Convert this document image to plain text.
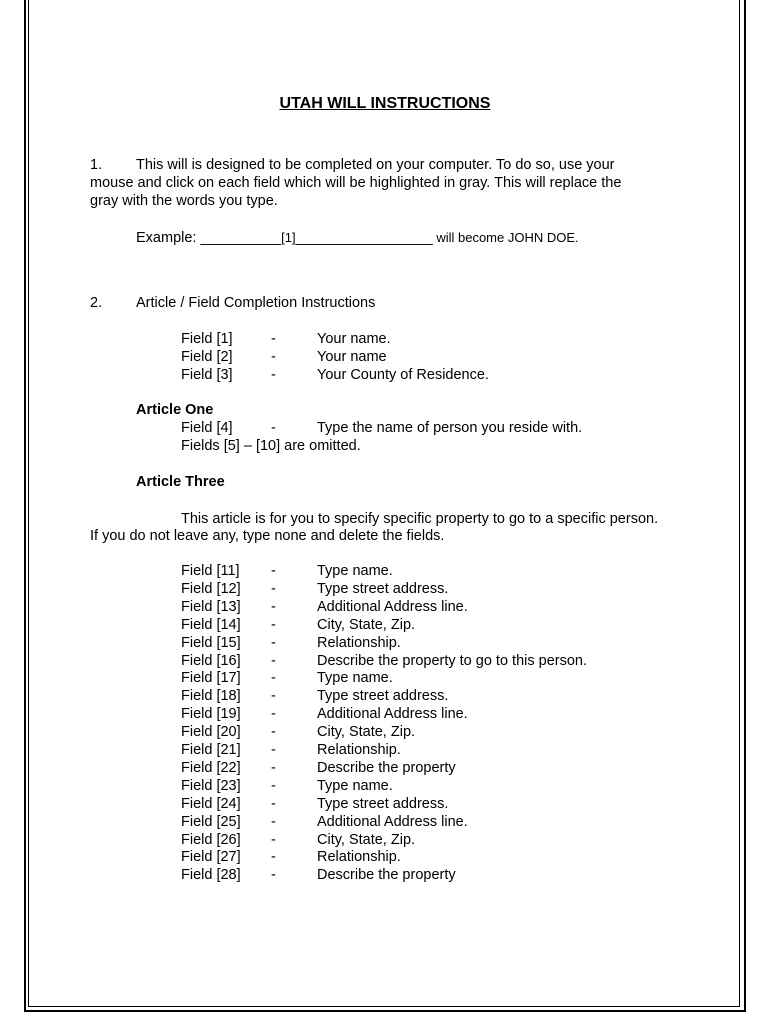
UTAH WILL INSTRUCTIONS
1. This will is designed to be completed on your computer. To do so, use your
mouse and click on each field which will be highlighted in gray. This will replace the
gray with the words you type.
Example: __________[1]_________________ will become JOHN DOE.
2. Article / Field Completion Instructions
Field [1]	-	Your name.
Field [2]	-	Your name
Field [3]	-	Your County of Residence.
Article One
Field [4]	-	Type the name of person you reside with.
Fields [5] – [10] are omitted.
Article Three
This article is for you to specify specific property to go to a specific person.
If you do not leave any, type none and delete the fields.
Field [11] -	Type name.
Field [12] -	Type street address.
Field [13] -	Additional Address line.
Field [14] -	City, State, Zip.
Field [15] -	Relationship.
Field [16] -	Describe the property to go to this person.
Field [17] -	Type name.
Field [18] -	Type street address.
Field [19] -	Additional Address line.
Field [20] -	City, State, Zip.
Field [21] -	Relationship.
Field [22] -	Describe the property
Field [23] -	Type name.
Field [24] -	Type street address.
Field [25] -	Additional Address line.
Field [26] -	City, State, Zip.
Field [27] -	Relationship.
Field [28] -	Describe the property
